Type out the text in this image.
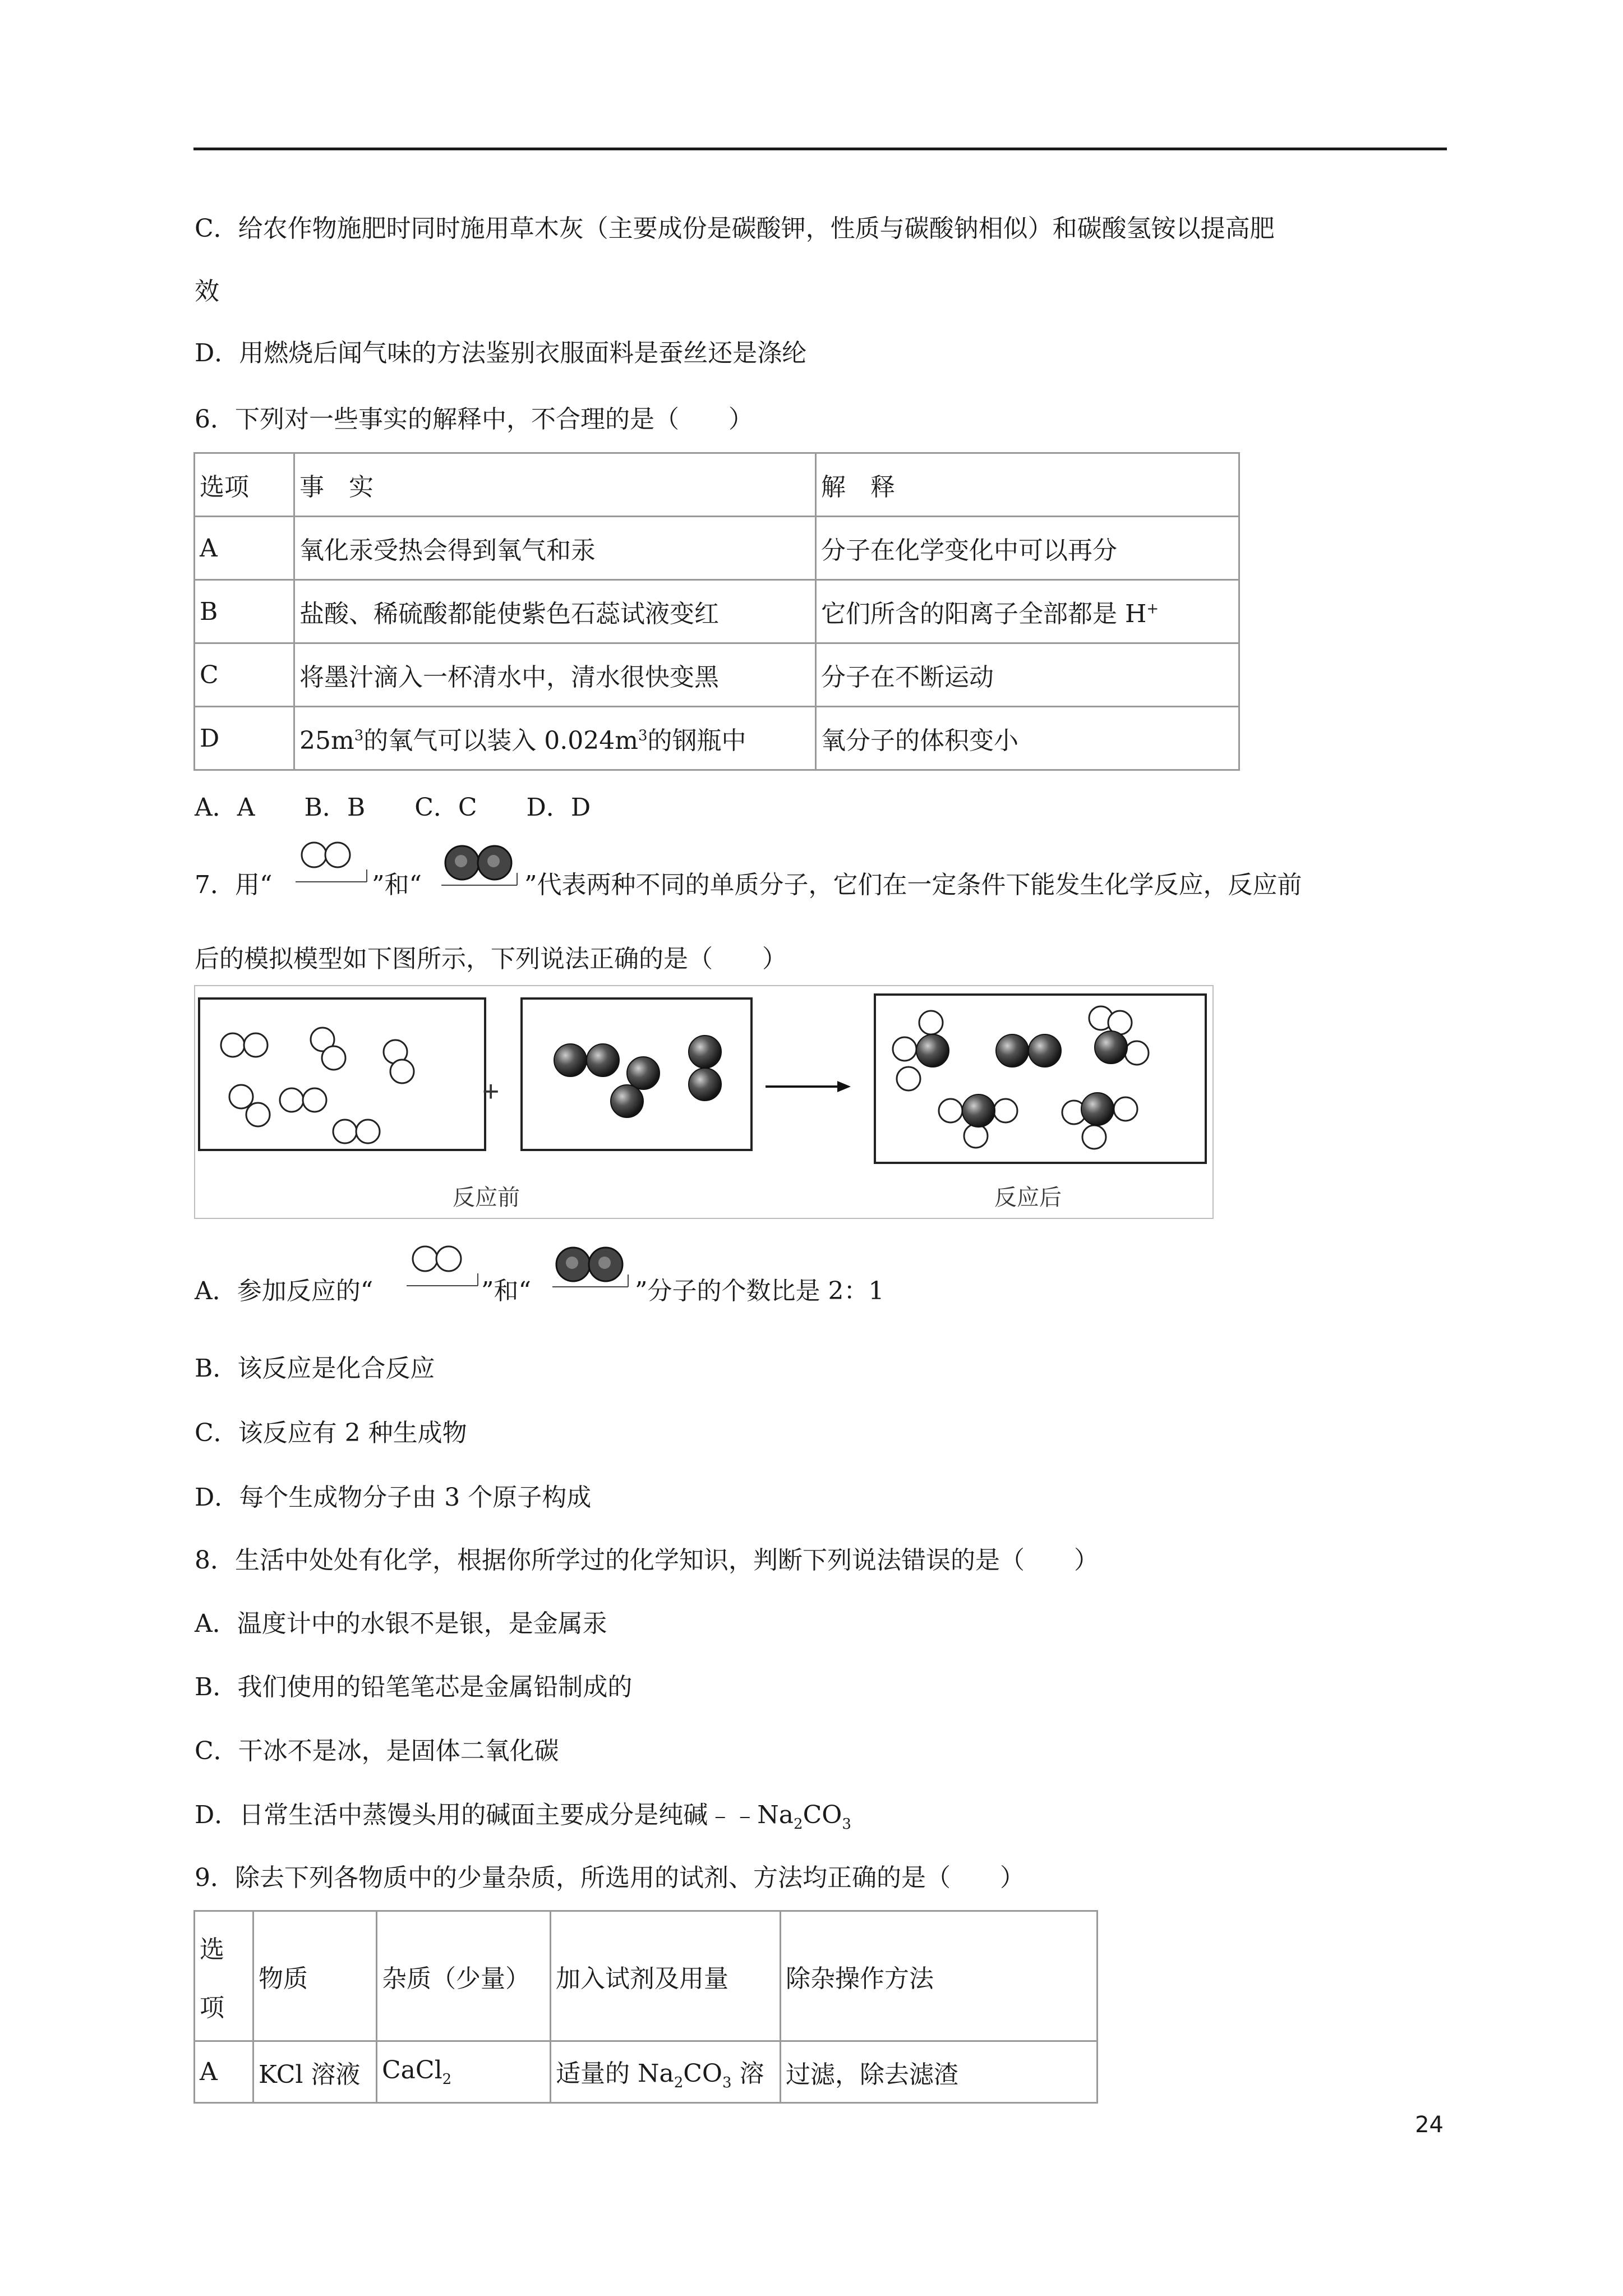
C．给农作物施肥时同时施用草木灰（主要成份是碳酸钾，性质与碳酸钠相似）和碳酸氢铵以提高肥
效
D．用燃烧后闻气味的方法鉴别衣服面料是蚕丝还是涤纶
6．下列对一些事实的解释中，不合理的是（　　）
选项	事　实	解　释
A	氧化汞受热会得到氧气和汞	分子在化学变化中可以再分
B	盐酸、稀硫酸都能使紫色石蕊试液变红	它们所含的阳离子全部都是 H+
C	将墨汁滴入一杯清水中，清水很快变黑	分子在不断运动
D	$25m^3$的氧气可以装入 $0.024m^3$的钢瓶中	氧分子的体积变小
A．A　　B．B　　C．C　　D．D
7．用“	”和“	”代表两种不同的单质分子，它们在一定条件下能发生化学反应，反应前
后的模拟模型如下图所示，下列说法正确的是（　　）
+
反应前	反应后
A．参加反应的“	”和“	”分子的个数比是 2：1
B．该反应是化合反应
C．该反应有 2 种生成物
D．每个生成物分子由 3 个原子构成
8．生活中处处有化学，根据你所学过的化学知识，判断下列说法错误的是（　　）
A．温度计中的水银不是银，是金属汞
B．我们使用的铅笔笔芯是金属铅制成的
C．干冰不是冰，是固体二氧化碳
D．日常生活中蒸馒头用的碱面主要成分是纯碱$﹣﹣Na_2CO_3$
9．除去下列各物质中的少量杂质，所选用的试剂、方法均正确的是（　　）
选
项	物质	杂质（少量）	加入试剂及用量	除杂操作方法
A	KCl 溶液	CaCl$_2$	适量的 $Na_2CO_3$ 溶	过滤，除去滤渣
24
